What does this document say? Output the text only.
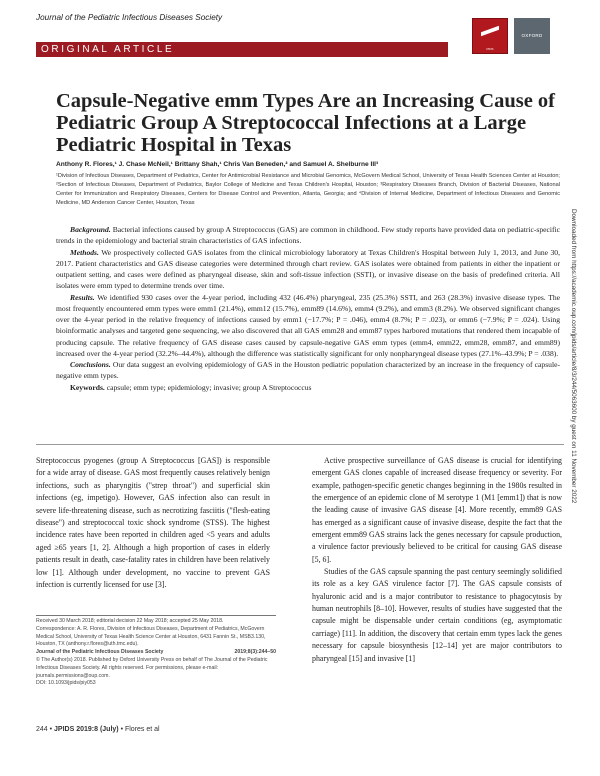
Journal of the Pediatric Infectious Diseases Society
ORIGINAL ARTICLE	PIDS
OXFORD
Capsule-Negative emm Types Are an Increasing Cause of Pediatric Group A Streptococcal Infections at a Large Pediatric Hospital in Texas
Anthony R. Flores,¹ J. Chase McNeil,¹ Brittany Shah,¹ Chris Van Beneden,² and Samuel A. Shelburne III³
¹Division of Infectious Diseases, Department of Pediatrics, Center for Antimicrobial Resistance and Microbial Genomics, McGovern Medical School, University of Texas Health Sciences Center at Houston; ²Section of Infectious Diseases, Department of Pediatrics, Baylor College of Medicine and Texas Children's Hospital, Houston; ³Respiratory Diseases Branch, Division of Bacterial Diseases, National Center for Immunization and Respiratory Diseases, Centers for Disease Control and Prevention, Atlanta, Georgia; and ⁴Division of Internal Medicine, Department of Infectious Diseases and Genomic Medicine, MD Anderson Cancer Center, Houston, Texas

Background. Bacterial infections caused by group A Streptococcus (GAS) are common in childhood. Few study reports have provided data on pediatric-specific trends in the epidemiology and bacterial strain characteristics of GAS infections.

Methods. We prospectively collected GAS isolates from the clinical microbiology laboratory at Texas Children's Hospital between July 1, 2013, and June 30, 2017. Patient characteristics and GAS disease categories were determined through chart review. GAS isolates were obtained from patients in either the inpatient or outpatient setting, and cases were defined as pharyngeal disease, skin and soft-tissue infection (SSTI), or invasive disease on the basis of predefined criteria. All isolates were emm typed to determine trends over time.

Results. We identified 930 cases over the 4-year period, including 432 (46.4%) pharyngeal, 235 (25.3%) SSTI, and 263 (28.3%) invasive disease types. The most frequently encountered emm types were emm1 (21.4%), emm12 (15.7%), emm89 (14.6%), emm4 (9.2%), and emm3 (8.2%). We observed significant changes over the 4-year period in the relative frequency of infections caused by emm1 (−17.7%; P = .046), emm4 (8.7%; P = .023), or emm6 (−7.9%; P = .024). Using bioinformatic analyses and targeted gene sequencing, we also discovered that all GAS emm28 and emm87 types harbored mutations that rendered them incapable of producing capsule. The relative frequency of GAS disease cases caused by capsule-negative GAS emm types (emm4, emm22, emm28, emm87, and emm89) increased over the 4-year period (32.2%–44.4%), although the difference was statistically significant for only nonpharyngeal disease types (27.1%–43.9%; P = .038).

Conclusions. Our data suggest an evolving epidemiology of GAS in the Houston pediatric population characterized by an increase in the frequency of capsule-negative emm types.

Keywords. capsule; emm type; epidemiology; invasive; group A Streptococcus	Downloaded from https://academic.oup.com/jpids/article/8/3/244/5063600 by guest on 11 November 2022

Streptococcus pyogenes (group A Streptococcus [GAS]) is responsible for a wide array of disease. GAS most frequently causes relatively benign infections, such as pharyngitis ("strep throat") and superficial skin infections (eg, impetigo). However, GAS infection also can result in severe life-threatening disease, such as necrotizing fasciitis ("flesh-eating disease") and streptococcal toxic shock syndrome (STSS). The highest incidence rates have been reported in children aged <5 years and adults aged ≥65 years [1, 2]. Although a high proportion of cases in elderly patients result in death, case-fatality rates in children have been relatively low [1]. Although under development, no vaccine to prevent GAS infection is currently licensed for use [3].

Active prospective surveillance of GAS disease is crucial for identifying emergent GAS clones capable of increased disease frequency or severity. For example, pathogen-specific genetic changes beginning in the 1980s resulted in the emergence of an epidemic clone of M serotype 1 (M1 [emm1]) that is now the leading cause of invasive GAS disease [4]. More recently, emm89 GAS has emerged as a significant cause of invasive disease, despite the fact that the emergent emm89 GAS strains lack the genes necessary for capsule production, a virulence factor previously believed to be critical for causing GAS disease [5, 6].

Studies of the GAS capsule spanning the past century seemingly solidified its role as a key GAS virulence factor [7]. The GAS capsule consists of hyaluronic acid and is a major contributor to resistance to phagocytosis by human neutrophils [8–10]. However, results of studies have suggested that the capsule might be dispensable under certain conditions (eg, asymptomatic carriage) [11]. In addition, the discovery that certain emm types lack the genes necessary for capsule biosynthesis [12–14] yet are major contributors to pharyngeal [15] and invasive [1]

Received 30 March 2018; editorial decision 22 May 2018; accepted 25 May 2018.
Correspondence: A. R. Flores, Division of Infectious Diseases, Department of Pediatrics, McGovern Medical School, University of Texas Health Science Center at Houston, 6431 Fannin St., MSB3.130, Houston, TX (anthony.r.flores@uth.tmc.edu).
Journal of the Pediatric Infectious Diseases Society	2019;8(3):244–50
© The Author(s) 2018. Published by Oxford University Press on behalf of The Journal of the Pediatric Infectious Diseases Society. All rights reserved. For permissions, please e-mail: journals.permissions@oup.com.
DOI: 10.1093/jpids/piy053
244 • JPIDS 2019:8 (July) • Flores et al
